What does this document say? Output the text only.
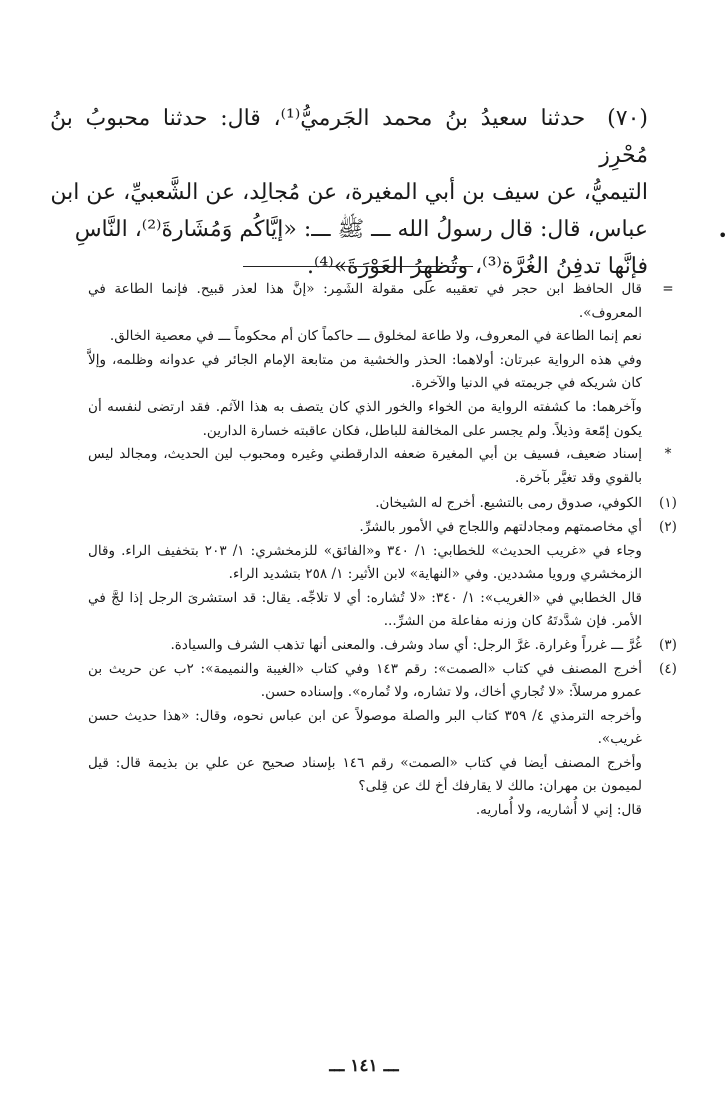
(٧٠)حدثنا سعيدُ بنُ محمد الجَرميُّ⁽¹⁾، قال: حدثنا محبوبُ بنُ مُحْرِز

التيميُّ، عن سيف بن أبي المغيرة، عن مُجالِد، عن الشَّعبيِّ، عن ابن

عباس، قال: قال رسولُ الله ـــ ﷺ ـــ: «إيَّاكُم وَمُشَارةَ⁽²⁾، النَّاسِ

فإنَّها تدفِنُ الغُرَّة⁽³⁾، وتُظهِرُ العَوْرَةَ»⁽⁴⁾.

•
=

قال الحافظ ابن حجر في تعقيبه على مقولة الشَمِر: «إنَّ هذا لعذر قبيح. فإنما الطاعة في المعروف».

نعم إنما الطاعة في المعروف، ولا طاعة لمخلوق ـــ حاكماً كان أم محكوماً ـــ في معصية الخالق.

وفي هذه الرواية عبرتان: أولاهما: الحذر والخشية من متابعة الإمام الجائر في عدوانه وظلمه، وإلاَّ كان شريكه في جريمته في الدنيا والآخرة.

وآخرهما: ما كشفته الرواية من الخواء والخور الذي كان يتصف به هذا الآثم. فقد ارتضى لنفسه أن يكون إمّعة وذيلاً. ولم يجسر على المخالفة للباطل، فكان عاقبته خسارة الدارين.

*

إسناد ضعيف، فسيف بن أبي المغيرة ضعفه الدارقطني وغيره ومحبوب لين الحديث، ومجالد ليس بالقوي وقد تغيَّر بآخرة.

(١)

الكوفي، صدوق رمى بالتشيع. أخرج له الشيخان.

(٢)

أي مخاصمتهم ومجادلتهم واللجاج في الأمور بالشرِّ.

وجاء في «غريب الحديث» للخطابي: ١/ ٣٤٠ و«الفائق» للزمخشري: ١/ ٢٠٣ بتخفيف الراء. وقال الزمخشري ورويا مشددين. وفي «النهاية» لابن الأثير: ١/ ٢٥٨ بتشديد الراء.

قال الخطابي في «الغريب»: ١/ ٣٤٠: «لا تُشاره: أي لا تلاجِّه. يقال: قد استشرىَ الرجل إذا لجَّ في الأمر. فإن شدَّدتَهُ كان وزنه مفاعلة من الشرِّ...

(٣)

غُرَّ ـــ غرراً وغرارة. غرَّ الرجل: أي ساد وشرف. والمعنى أنها تذهب الشرف والسيادة.

(٤)

أخرج المصنف في كتاب «الصمت»: رقم ١٤٣ وفي كتاب «الغيبة والنميمة»: ٢ب عن حريث بن عمرو مرسلاً: «لا تُجاري أخاك، ولا تشاره، ولا تُماره». وإسناده حسن.

وأخرجه الترمذي ٤/ ٣٥٩ كتاب البر والصلة موصولاً عن ابن عباس نحوه، وقال: «هذا حديث حسن غريب».

وأخرج المصنف أيضا في كتاب «الصمت» رقم ١٤٦ بإسناد صحيح عن علي بن بذيمة قال: قيل لميمون بن مهران: مالك لا يقارفك أخ لك عن قِلى؟

قال: إني لا أُشاريه، ولا أُماريه.

ـــ ١٤١ ـــ
